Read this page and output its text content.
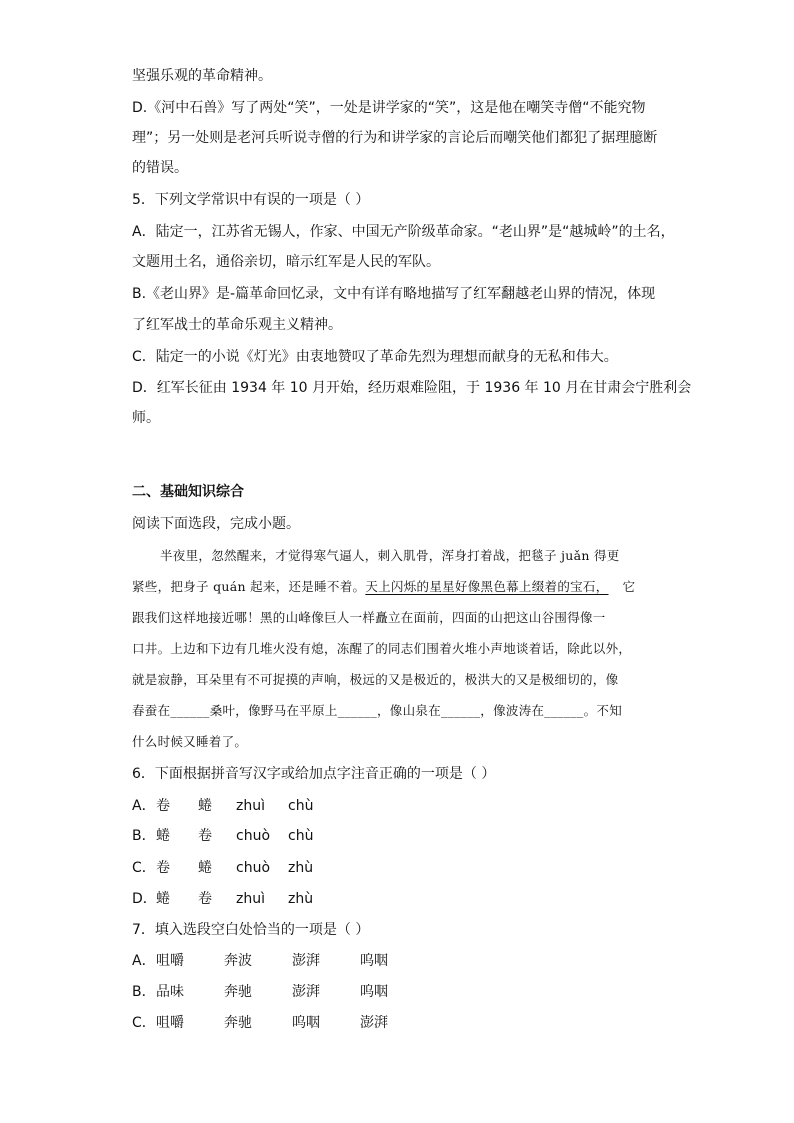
坚强乐观的革命精神。
D.《河中石兽》写了两处“笑”，一处是讲学家的“笑”，这是他在嘲笑寺僧“不能究物
理”；另一处则是老河兵听说寺僧的行为和讲学家的言论后而嘲笑他们都犯了据理臆断
的错误。
5．下列文学常识中有误的一项是（ ）
A．陆定一，江苏省无锡人，作家、中国无产阶级革命家。“老山界”是“越城岭”的土名，
文题用土名，通俗亲切，暗示红军是人民的军队。
B.《老山界》是-篇革命回忆录，文中有详有略地描写了红军翻越老山界的情况，体现
了红军战士的革命乐观主义精神。
C．陆定一的小说《灯光》由衷地赞叹了革命先烈为理想而献身的无私和伟大。
D．红军长征由 1934 年 10 月开始，经历艰难险阻，于 1936 年 10 月在甘肃会宁胜利会
师。
二、基础知识综合
阅读下面选段，完成小题。
半夜里，忽然醒来，才觉得寒气逼人，刺入肌骨，浑身打着战，把毯子 juǎn 得更
紧些，把身子 quán 起来，还是睡不着。天上闪烁的星星好像黑色幕上缀着的宝石， 它
跟我们这样地接近哪！黑的山峰像巨人一样矗立在面前，四面的山把这山谷围得像一
口井。上边和下边有几堆火没有熄，冻醒了的同志们围着火堆小声地谈着话，除此以外，
就是寂静，耳朵里有不可捉摸的声响，极远的又是极近的，极洪大的又是极细切的，像
春蚕在______桑叶，像野马在平原上______，像山泉在______，像波涛在______。不知
什么时候又睡着了。
6．下面根据拼音写汉字或给加点字注音正确的一项是（ ）
A． 卷 蜷 zhuì chù
B． 蜷 卷 chuò chù
C． 卷 蜷 chuò zhù
D． 蜷 卷 zhuì zhù
7．填入选段空白处恰当的一项是（ ）
A． 咀嚼	奔波	澎湃	呜咽
B． 品味	奔驰	澎湃	呜咽
C． 咀嚼	奔驰	呜咽	澎湃
